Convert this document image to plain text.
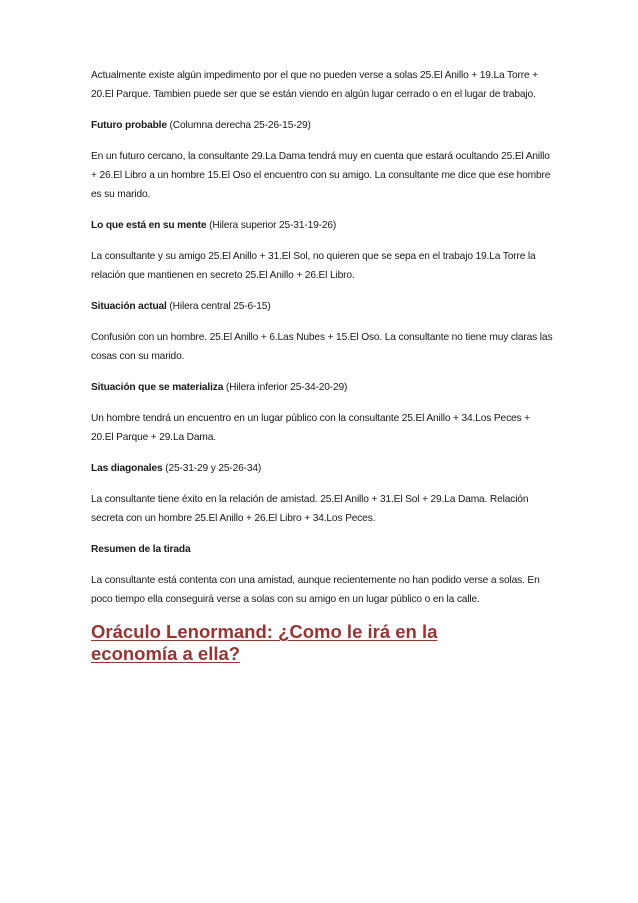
Actualmente existe algún impedimento por el que no pueden verse a solas 25.El Anillo + 19.La Torre + 20.El Parque. Tambien puede ser que se están viendo en algún lugar cerrado o en el lugar de trabajo.

Futuro probable (Columna derecha 25-26-15-29)

En un futuro cercano, la consultante 29.La Dama tendrá muy en cuenta que estará ocultando 25.El Anillo + 26.El Libro a un hombre 15.El Oso el encuentro con su amigo. La consultante me dice que ese hombre es su marido.

Lo que está en su mente (Hilera superior 25-31-19-26)

La consultante y su amigo 25.El Anillo + 31.El Sol, no quieren que se sepa en el trabajo 19.La Torre la relación que mantienen en secreto 25.El Anillo + 26.El Libro.

Situación actual (Hilera central 25-6-15)

Confusión con un hombre. 25.El Anillo + 6.Las Nubes + 15.El Oso. La consultante no tiene muy claras las cosas con su marido.

Situación que se materializa (Hilera inferior 25-34-20-29)

Un hombre tendrá un encuentro en un lugar público con la consultante 25.El Anillo + 34.Los Peces + 20.El Parque + 29.La Dama.

Las diagonales (25-31-29 y 25-26-34)

La consultante tiene éxito en la relación de amistad. 25.El Anillo + 31.El Sol + 29.La Dama. Relación secreta con un hombre 25.El Anillo + 26.El Libro + 34.Los Peces.

Resumen de la tirada

La consultante está contenta con una amistad, aunque recientemente no han podido verse a solas. En poco tiempo ella conseguirá verse a solas con su amigo en un lugar público o en la calle.

Oráculo Lenormand: ¿Como le irá en la economía a ella?
